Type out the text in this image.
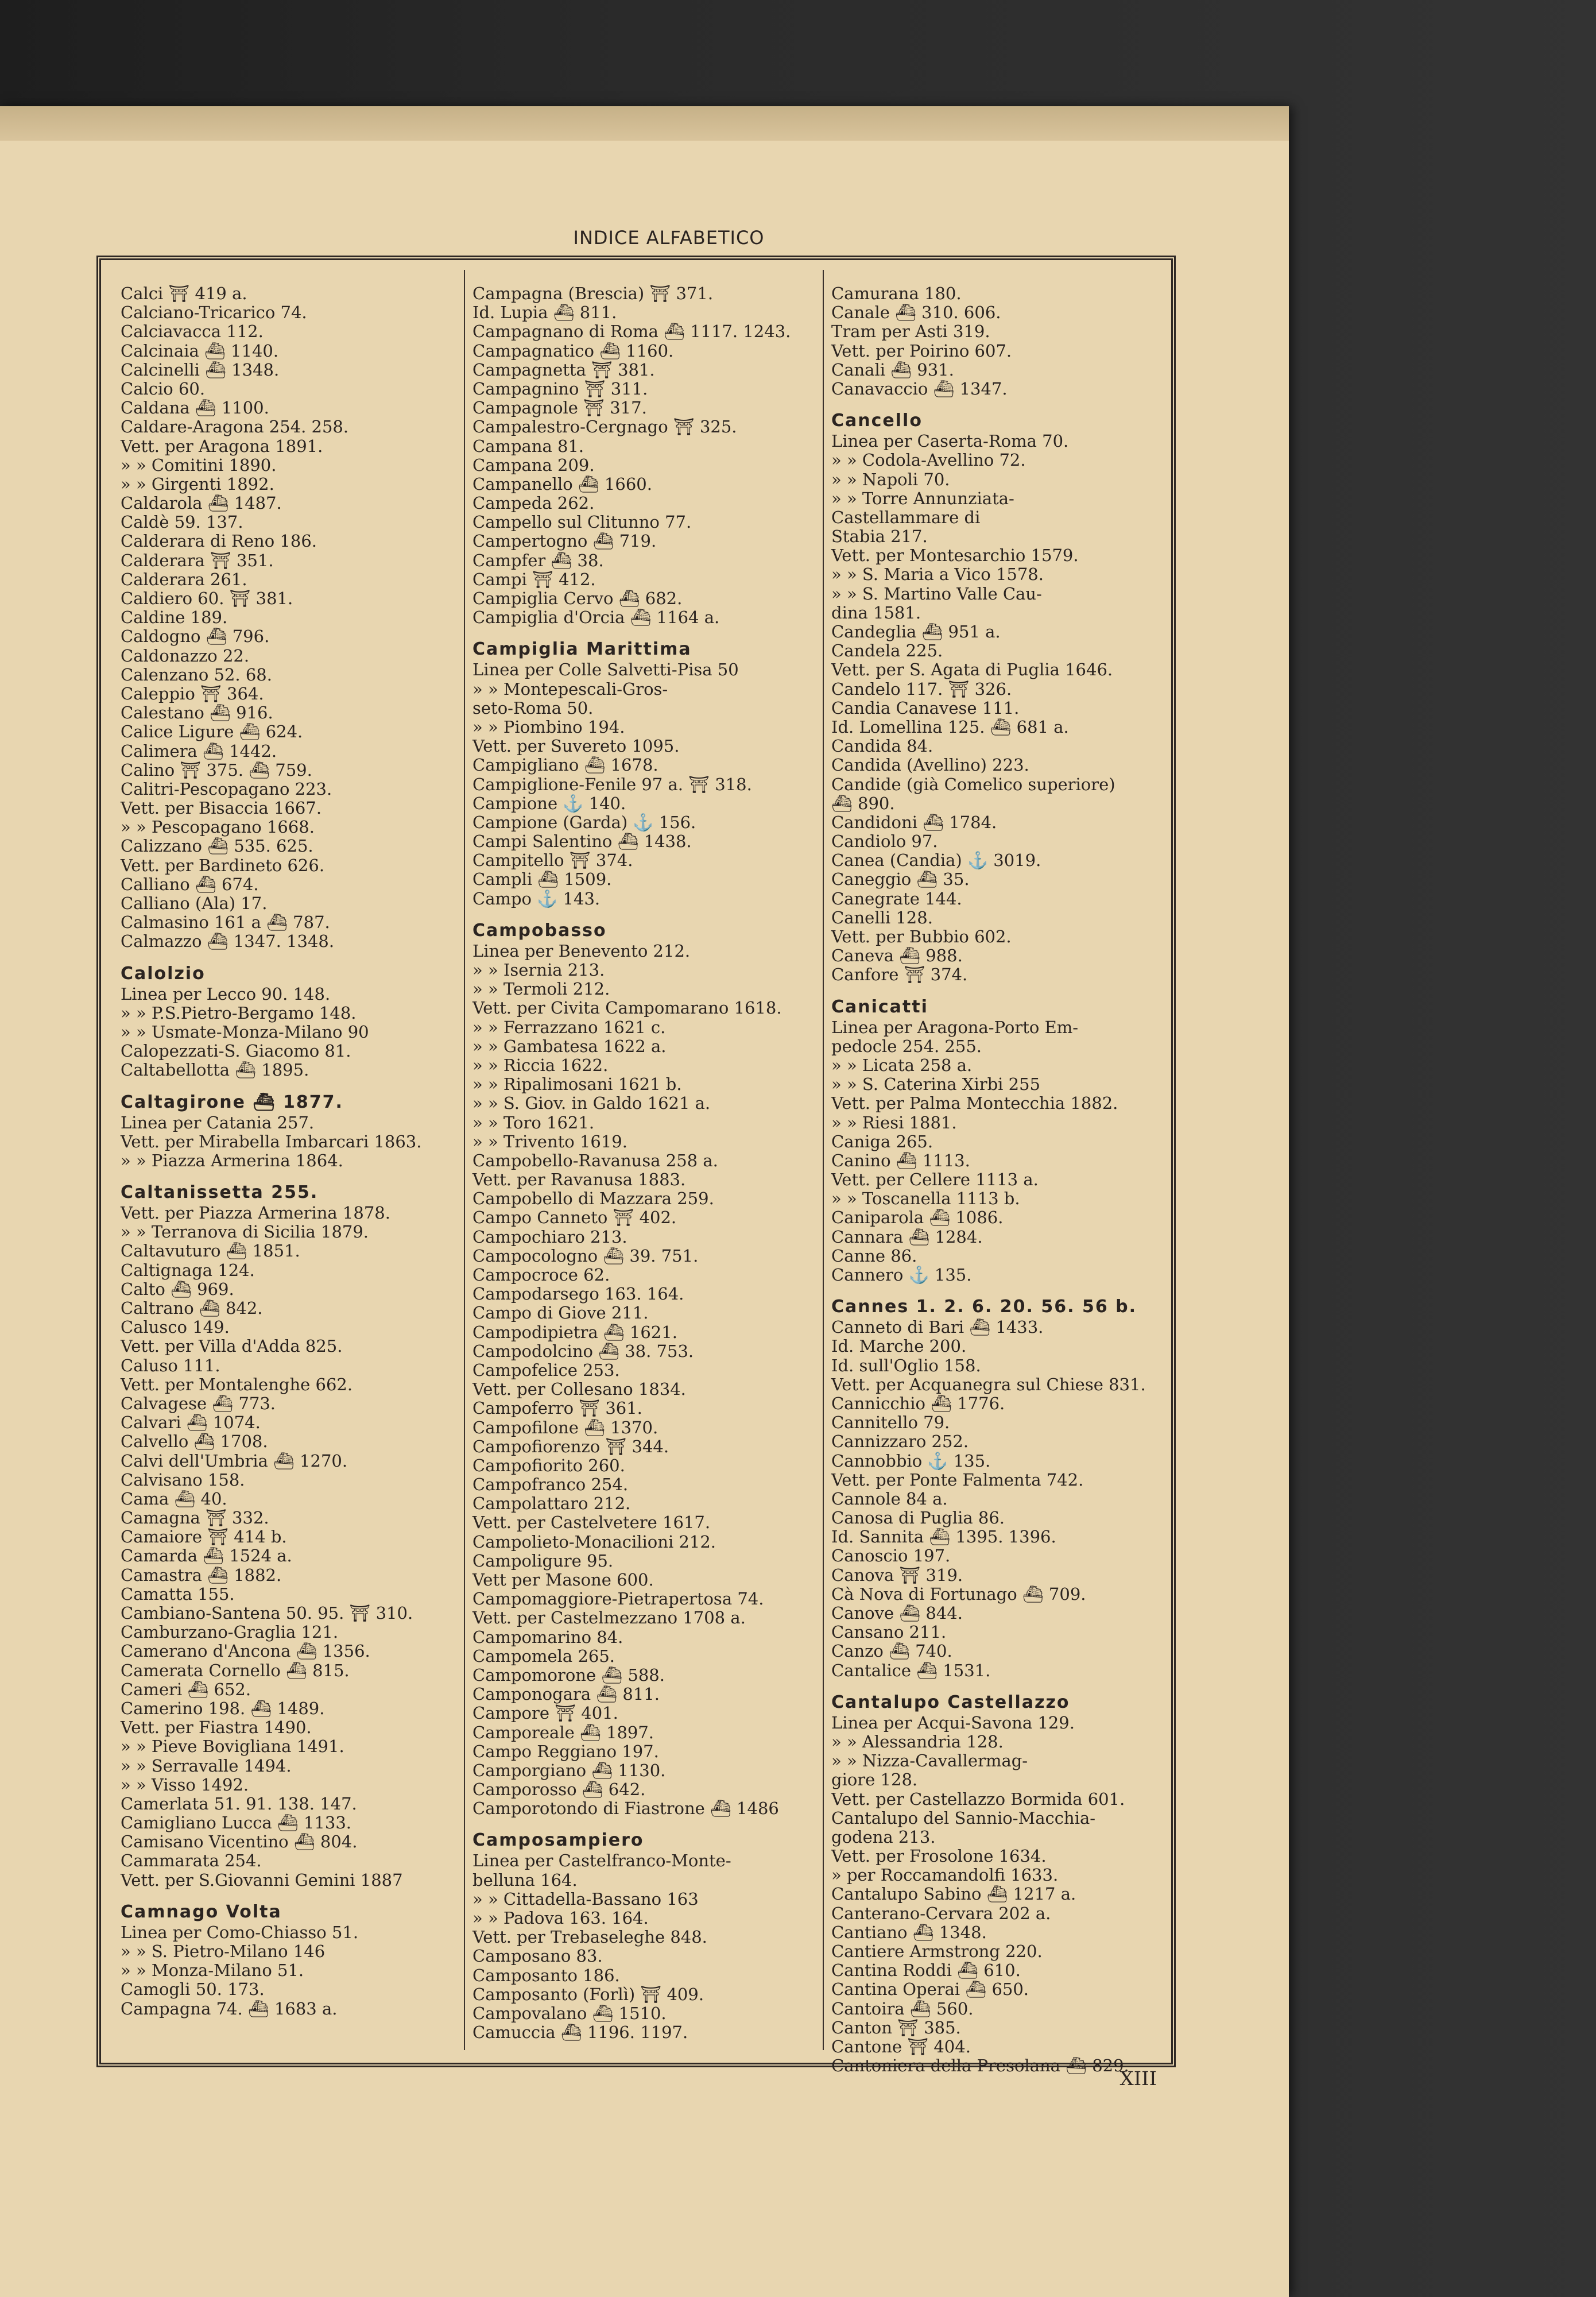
INDICE ALFABETICO
Calci ⛩ 419 a.
Calciano-Tricarico 74.
Calciavacca 112.
Calcinaia ⛴ 1140.
Calcinelli ⛴ 1348.
Calcio 60.
Caldana ⛴ 1100.
Caldare-Aragona 254. 258.
Vett. per Aragona 1891.
» » Comitini 1890.
» » Girgenti 1892.
Caldarola ⛴ 1487.
Caldè 59. 137.
Calderara di Reno 186.
Calderara ⛩ 351.
Calderara 261.
Caldiero 60. ⛩ 381.
Caldine 189.
Caldogno ⛴ 796.
Caldonazzo 22.
Calenzano 52. 68.
Caleppio ⛩ 364.
Calestano ⛴ 916.
Calice Ligure ⛴ 624.
Calimera ⛴ 1442.
Calino ⛩ 375. ⛴ 759.
Calitri-Pescopagano 223.
Vett. per Bisaccia 1667.
» » Pescopagano 1668.
Calizzano ⛴ 535. 625.
Vett. per Bardineto 626.
Calliano ⛴ 674.
Calliano (Ala) 17.
Calmasino 161 a ⛴ 787.
Calmazzo ⛴ 1347. 1348.
Calolzio
Linea per Lecco 90. 148.
» » P.S.Pietro-Bergamo 148.
» » Usmate-Monza-Milano 90
Calopezzati-S. Giacomo 81.
Caltabellotta ⛴ 1895.
Caltagirone ⛴ 1877.
Linea per Catania 257.
Vett. per Mirabella Imbarcari 1863.
» » Piazza Armerina 1864.
Caltanissetta 255.
Vett. per Piazza Armerina 1878.
» » Terranova di Sicilia 1879.
Caltavuturo ⛴ 1851.
Caltignaga 124.
Calto ⛴ 969.
Caltrano ⛴ 842.
Calusco 149.
Vett. per Villa d'Adda 825.
Caluso 111.
Vett. per Montalenghe 662.
Calvagese ⛴ 773.
Calvari ⛴ 1074.
Calvello ⛴ 1708.
Calvi dell'Umbria ⛴ 1270.
Calvisano 158.
Cama ⛴ 40.
Camagna ⛩ 332.
Camaiore ⛩ 414 b.
Camarda ⛴ 1524 a.
Camastra ⛴ 1882.
Camatta 155.
Cambiano-Santena 50. 95. ⛩ 310.
Camburzano-Graglia 121.
Camerano d'Ancona ⛴ 1356.
Camerata Cornello ⛴ 815.
Cameri ⛴ 652.
Camerino 198. ⛴ 1489.
Vett. per Fiastra 1490.
» » Pieve Bovigliana 1491.
» » Serravalle 1494.
» » Visso 1492.
Camerlata 51. 91. 138. 147.
Camigliano Lucca ⛴ 1133.
Camisano Vicentino ⛴ 804.
Cammarata 254.
Vett. per S.Giovanni Gemini 1887
Camnago Volta
Linea per Como-Chiasso 51.
» » S. Pietro-Milano 146
» » Monza-Milano 51.
Camogli 50. 173.
Campagna 74. ⛴ 1683 a.
Campagna (Brescia) ⛩ 371.
Id. Lupia ⛴ 811.
Campagnano di Roma ⛴ 1117. 1243.
Campagnatico ⛴ 1160.
Campagnetta ⛩ 381.
Campagnino ⛩ 311.
Campagnole ⛩ 317.
Campalestro-Cergnago ⛩ 325.
Campana 81.
Campana 209.
Campanello ⛴ 1660.
Campeda 262.
Campello sul Clitunno 77.
Campertogno ⛴ 719.
Campfer ⛴ 38.
Campi ⛩ 412.
Campiglia Cervo ⛴ 682.
Campiglia d'Orcia ⛴ 1164 a.
Campiglia Marittima
Linea per Colle Salvetti-Pisa 50
» » Montepescali-Gros-
seto-Roma 50.
» » Piombino 194.
Vett. per Suvereto 1095.
Campigliano ⛴ 1678.
Campiglione-Fenile 97 a. ⛩ 318.
Campione ⚓ 140.
Campione (Garda) ⚓ 156.
Campi Salentino ⛴ 1438.
Campitello ⛩ 374.
Campli ⛴ 1509.
Campo ⚓ 143.
Campobasso
Linea per Benevento 212.
» » Isernia 213.
» » Termoli 212.
Vett. per Civita Campomarano 1618.
» » Ferrazzano 1621 c.
» » Gambatesa 1622 a.
» » Riccia 1622.
» » Ripalimosani 1621 b.
» » S. Giov. in Galdo 1621 a.
» » Toro 1621.
» » Trivento 1619.
Campobello-Ravanusa 258 a.
Vett. per Ravanusa 1883.
Campobello di Mazzara 259.
Campo Canneto ⛩ 402.
Campochiaro 213.
Campocologno ⛴ 39. 751.
Campocroce 62.
Campodarsego 163. 164.
Campo di Giove 211.
Campodipietra ⛴ 1621.
Campodolcino ⛴ 38. 753.
Campofelice 253.
Vett. per Collesano 1834.
Campoferro ⛩ 361.
Campofilone ⛴ 1370.
Campofiorenzo ⛩ 344.
Campofiorito 260.
Campofranco 254.
Campolattaro 212.
Vett. per Castelvetere 1617.
Campolieto-Monacilioni 212.
Campoligure 95.
Vett per Masone 600.
Campomaggiore-Pietrapertosa 74.
Vett. per Castelmezzano 1708 a.
Campomarino 84.
Campomela 265.
Campomorone ⛴ 588.
Camponogara ⛴ 811.
Campore ⛩ 401.
Camporeale ⛴ 1897.
Campo Reggiano 197.
Camporgiano ⛴ 1130.
Camporosso ⛴ 642.
Camporotondo di Fiastrone ⛴ 1486
Camposampiero
Linea per Castelfranco-Monte-
belluna 164.
» » Cittadella-Bassano 163
» » Padova 163. 164.
Vett. per Trebaseleghe 848.
Camposano 83.
Camposanto 186.
Camposanto (Forlì) ⛩ 409.
Campovalano ⛴ 1510.
Camuccia ⛴ 1196. 1197.
Camurana 180.
Canale ⛴ 310. 606.
Tram per Asti 319.
Vett. per Poirino 607.
Canali ⛴ 931.
Canavaccio ⛴ 1347.
Cancello
Linea per Caserta-Roma 70.
» » Codola-Avellino 72.
» » Napoli 70.
» » Torre Annunziata-
Castellammare di
Stabia 217.
Vett. per Montesarchio 1579.
» » S. Maria a Vico 1578.
» » S. Martino Valle Cau-
dina 1581.
Candeglia ⛴ 951 a.
Candela 225.
Vett. per S. Agata di Puglia 1646.
Candelo 117. ⛩ 326.
Candia Canavese 111.
Id. Lomellina 125. ⛴ 681 a.
Candida 84.
Candida (Avellino) 223.
Candide (già Comelico superiore)
⛴ 890.
Candidoni ⛴ 1784.
Candiolo 97.
Canea (Candia) ⚓ 3019.
Caneggio ⛴ 35.
Canegrate 144.
Canelli 128.
Vett. per Bubbio 602.
Caneva ⛴ 988.
Canfore ⛩ 374.
Canicatti
Linea per Aragona-Porto Em-
pedocle 254. 255.
» » Licata 258 a.
» » S. Caterina Xirbi 255
Vett. per Palma Montecchia 1882.
» » Riesi 1881.
Caniga 265.
Canino ⛴ 1113.
Vett. per Cellere 1113 a.
» » Toscanella 1113 b.
Caniparola ⛴ 1086.
Cannara ⛴ 1284.
Canne 86.
Cannero ⚓ 135.
Cannes 1. 2. 6. 20. 56. 56 b.
Canneto di Bari ⛴ 1433.
Id. Marche 200.
Id. sull'Oglio 158.
Vett. per Acquanegra sul Chiese 831.
Cannicchio ⛴ 1776.
Cannitello 79.
Cannizzaro 252.
Cannobbio ⚓ 135.
Vett. per Ponte Falmenta 742.
Cannole 84 a.
Canosa di Puglia 86.
Id. Sannita ⛴ 1395. 1396.
Canoscio 197.
Canova ⛩ 319.
Cà Nova di Fortunago ⛴ 709.
Canove ⛴ 844.
Cansano 211.
Canzo ⛴ 740.
Cantalice ⛴ 1531.
Cantalupo Castellazzo
Linea per Acqui-Savona 129.
» » Alessandria 128.
» » Nizza-Cavallermag-
giore 128.
Vett. per Castellazzo Bormida 601.
Cantalupo del Sannio-Macchia-
godena 213.
Vett. per Frosolone 1634.
» per Roccamandolfi 1633.
Cantalupo Sabino ⛴ 1217 a.
Canterano-Cervara 202 a.
Cantiano ⛴ 1348.
Cantiere Armstrong 220.
Cantina Roddi ⛴ 610.
Cantina Operai ⛴ 650.
Cantoira ⛴ 560.
Canton ⛩ 385.
Cantone ⛩ 404.
Cantoniera della Presolana ⛴ 829.
XIII
